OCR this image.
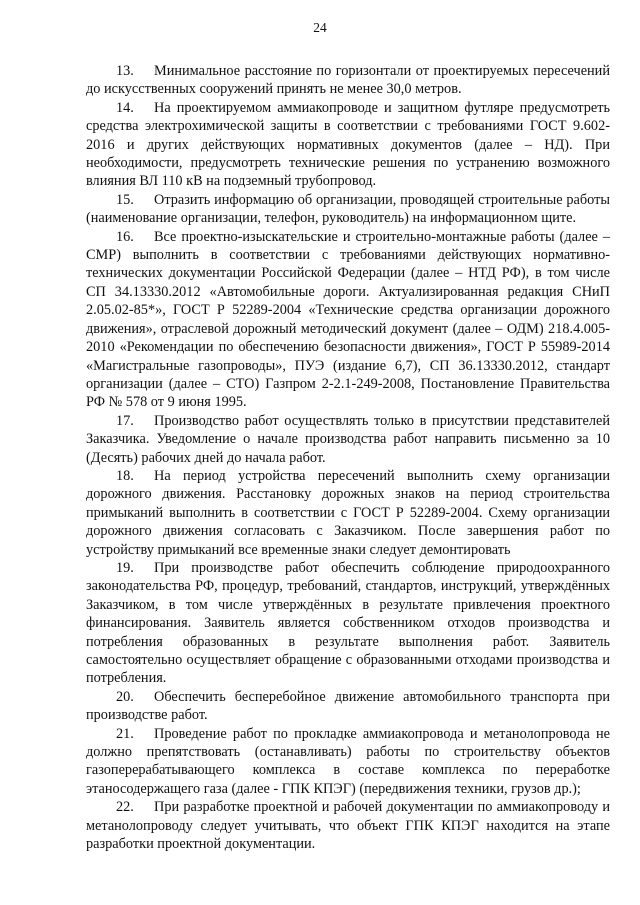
24

13. Минимальное расстояние по горизонтали от проектируемых пересечений до искусственных сооружений принять не менее 30,0 метров.

14. На проектируемом аммиакопроводе и защитном футляре предусмотреть средства электрохимической защиты в соответствии с требованиями ГОСТ 9.602-2016 и других действующих нормативных документов (далее – НД). При необходимости, предусмотреть технические решения по устранению возможного влияния ВЛ 110 кВ на подземный трубопровод.

15. Отразить информацию об организации, проводящей строительные работы (наименование организации, телефон, руководитель) на информационном щите.

16. Все проектно-изыскательские и строительно-монтажные работы (далее – СМР) выполнить в соответствии с требованиями действующих нормативно-технических документации Российской Федерации (далее – НТД РФ), в том числе СП 34.13330.2012 «Автомобильные дороги. Актуализированная редакция СНиП 2.05.02-85*», ГОСТ Р 52289-2004 «Технические средства организации дорожного движения», отраслевой дорожный методический документ (далее – ОДМ) 218.4.005-2010 «Рекомендации по обеспечению безопасности движения», ГОСТ Р 55989-2014 «Магистральные газопроводы», ПУЭ (издание 6,7), СП 36.13330.2012, стандарт организации (далее – СТО) Газпром 2-2.1-249-2008, Постановление Правительства РФ № 578 от 9 июня 1995.

17. Производство работ осуществлять только в присутствии представителей Заказчика. Уведомление о начале производства работ направить письменно за 10 (Десять) рабочих дней до начала работ.

18. На период устройства пересечений выполнить схему организации дорожного движения. Расстановку дорожных знаков на период строительства примыканий выполнить в соответствии с ГОСТ Р 52289-2004. Схему организации дорожного движения согласовать с Заказчиком. После завершения работ по устройству примыканий все временные знаки следует демонтировать

19. При производстве работ обеспечить соблюдение природоохранного законодательства РФ, процедур, требований, стандартов, инструкций, утверждённых Заказчиком, в том числе утверждённых в результате привлечения проектного финансирования. Заявитель является собственником отходов производства и потребления образованных в результате выполнения работ. Заявитель самостоятельно осуществляет обращение с образованными отходами производства и потребления.

20. Обеспечить бесперебойное движение автомобильного транспорта при производстве работ.

21. Проведение работ по прокладке аммиакопровода и метанолопровода не должно препятствовать (останавливать) работы по строительству объектов газоперерабатывающего комплекса в составе комплекса по переработке этаносодержащего газа (далее - ГПК КПЭГ) (передвижения техники, грузов др.);

22. При разработке проектной и рабочей документации по аммиакопроводу и метанолопроводу следует учитывать, что объект ГПК КПЭГ находится на этапе разработки проектной документации.
